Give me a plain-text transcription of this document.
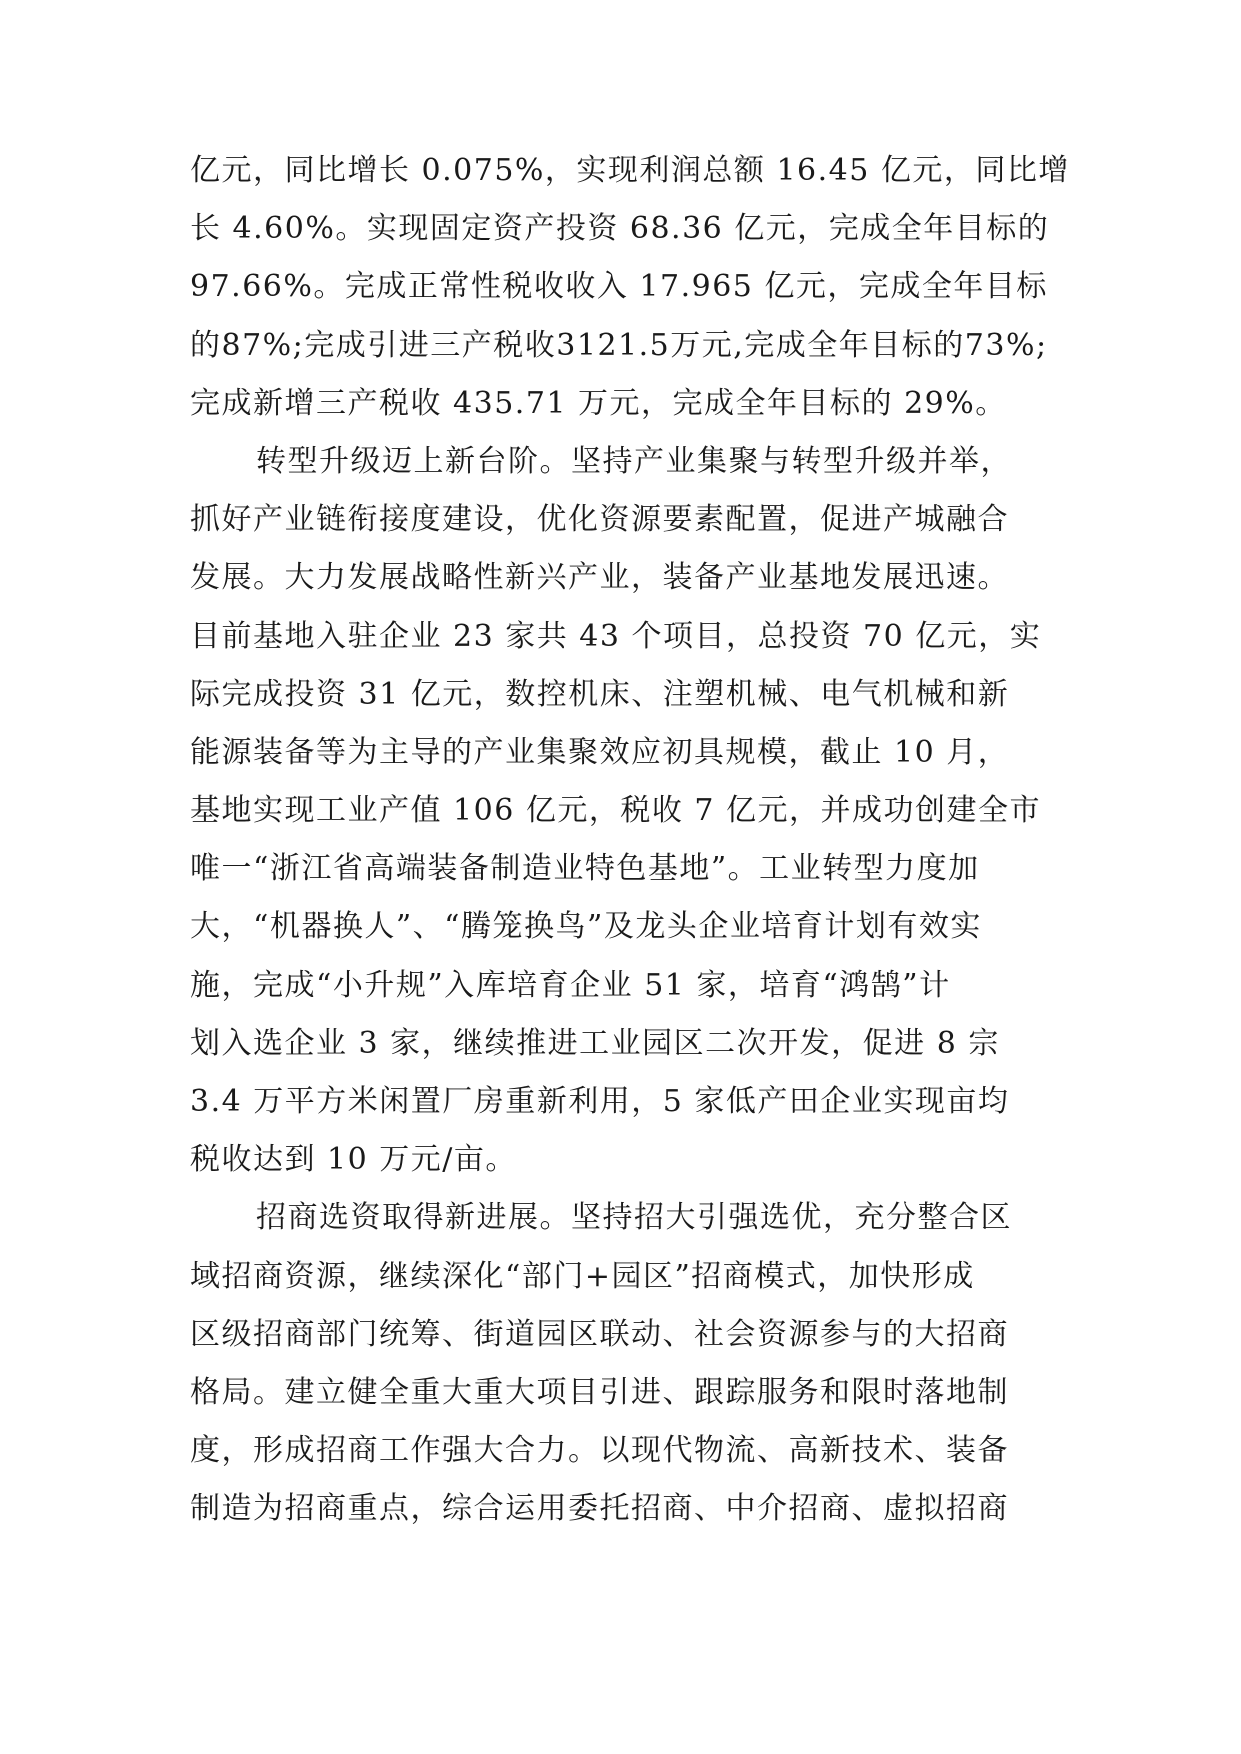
亿元，同比增长 0.075%，实现利润总额 16.45 亿元，同比增
长 4.60%。实现固定资产投资 68.36 亿元，完成全年目标的
97.66%。完成正常性税收收入 17.965 亿元，完成全年目标
的87%;完成引进三产税收3121.5万元,完成全年目标的73%;
完成新增三产税收 435.71 万元，完成全年目标的 29%。
转型升级迈上新台阶。坚持产业集聚与转型升级并举，
抓好产业链衔接度建设，优化资源要素配置，促进产城融合
发展。大力发展战略性新兴产业，装备产业基地发展迅速。
目前基地入驻企业 23 家共 43 个项目，总投资 70 亿元，实
际完成投资 31 亿元，数控机床、注塑机械、电气机械和新
能源装备等为主导的产业集聚效应初具规模，截止 10 月，
基地实现工业产值 106 亿元，税收 7 亿元，并成功创建全市
唯一“浙江省高端装备制造业特色基地”。工业转型力度加
大，“机器换人”、“腾笼换鸟”及龙头企业培育计划有效实
施，完成“小升规”入库培育企业 51 家，培育“鸿鹄”计
划入选企业 3 家，继续推进工业园区二次开发，促进 8 宗
3.4 万平方米闲置厂房重新利用，5 家低产田企业实现亩均
税收达到 10 万元/亩。
招商选资取得新进展。坚持招大引强选优，充分整合区
域招商资源，继续深化“部门+园区”招商模式，加快形成
区级招商部门统筹、街道园区联动、社会资源参与的大招商
格局。建立健全重大重大项目引进、跟踪服务和限时落地制
度，形成招商工作强大合力。以现代物流、高新技术、装备
制造为招商重点，综合运用委托招商、中介招商、虚拟招商
